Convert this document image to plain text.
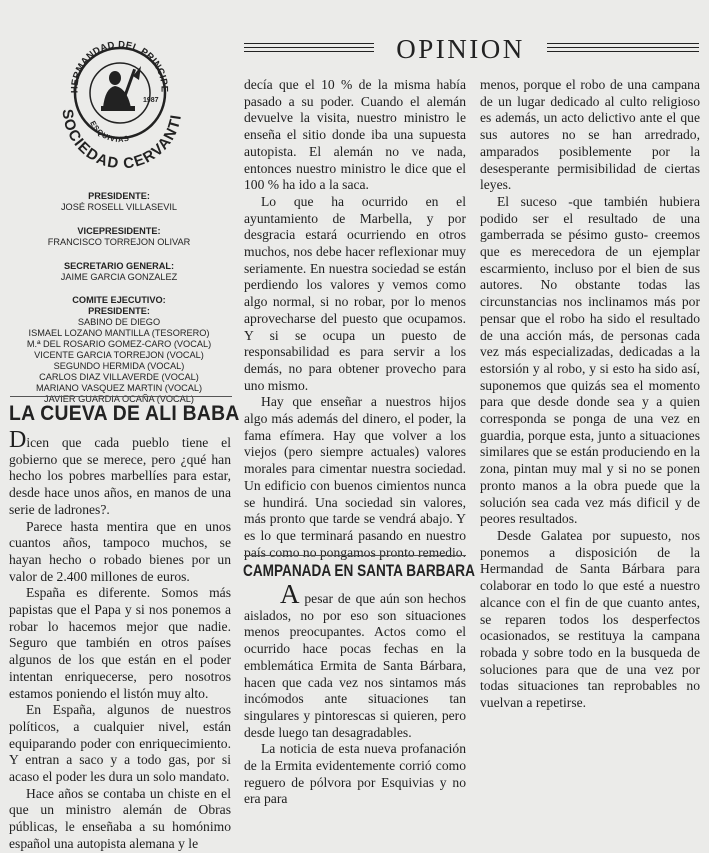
OPINION
HERMANDAD DEL PRINCIPE
ESQUIVIAS
1987
SOCIEDAD CERVANTI
PRESIDENTE:
JOSÉ ROSELL VILLASEVIL
VICEPRESIDENTE:
FRANCISCO TORREJON OLIVAR
SECRETARIO GENERAL:
JAIME GARCIA GONZALEZ
COMITE EJECUTIVO:
PRESIDENTE:
SABINO DE DIEGO
ISMAEL LOZANO MANTILLA (TESORERO)
M.ª DEL ROSARIO GOMEZ-CARO (VOCAL)
VICENTE GARCIA TORREJON (VOCAL)
SEGUNDO HERMIDA (VOCAL)
CARLOS DIAZ VILLAVERDE (VOCAL)
MARIANO VASQUEZ MARTIN (VOCAL)
JAVIER GUARDIA OCAÑA (VOCAL)
LA CUEVA DE ALI BABA

Dicen que cada pueblo tiene el gobierno que se merece, pero ¿qué han hecho los pobres marbellíes para estar, desde hace unos años, en manos de una serie de ladrones?.

Parece hasta mentira que en unos cuantos años, tampoco muchos, se hayan hecho o robado bienes por un valor de 2.400 millones de euros.

España es diferente. Somos más papistas que el Papa y si nos ponemos a robar lo hacemos mejor que nadie. Seguro que también en otros países algunos de los que están en el poder intentan enriquecerse, pero nosotros estamos poniendo el listón muy alto.

En España, algunos de nuestros políticos, a cualquier nivel, están equiparando poder con enriquecimiento. Y entran a saco y a todo gas, por si acaso el poder les dura un solo mandato.

Hace años se contaba un chiste en el que un ministro alemán de Obras públicas, le enseñaba a su homónimo español una autopista alemana y le

decía que el 10 % de la misma había pasado a su poder. Cuando el alemán devuelve la visita, nuestro ministro le enseña el sitio donde iba una supuesta autopista. El alemán no ve nada, entonces nuestro ministro le dice que el 100 % ha ido a la saca.

Lo que ha ocurrido en el ayuntamiento de Marbella, y por desgracia estará ocurriendo en otros muchos, nos debe hacer reflexionar muy seriamente. En nuestra sociedad se están perdiendo los valores y vemos como algo normal, si no robar, por lo menos aprovecharse del puesto que ocupamos. Y si se ocupa un puesto de responsabilidad es para servir a los demás, no para obtener provecho para uno mismo.

Hay que enseñar a nuestros hijos algo más además del dinero, el poder, la fama efímera. Hay que volver a los viejos (pero siempre actuales) valores morales para cimentar nuestra sociedad. Un edificio con buenos cimientos nunca se hundirá. Una sociedad sin valores, más pronto que tarde se vendrá abajo. Y es lo que terminará pasando en nuestro país como no pongamos pronto remedio.

CAMPANADA EN SANTA BARBARA

A pesar de que aún son hechos aislados, no por eso son situaciones menos preocupantes. Actos como el ocurrido hace pocas fechas en la emblemática Ermita de Santa Bárbara, hacen que cada vez nos sintamos más incómodos ante situaciones tan singulares y pintorescas si quieren, pero desde luego tan desagradables.

La noticia de esta nueva profanación de la Ermita evidentemente corrió como reguero de pólvora por Esquivias y no era para

menos, porque el robo de una campana de un lugar dedicado al culto religioso es además, un acto delictivo ante el que sus autores no se han arredrado, amparados posiblemente por la desesperante permisibilidad de ciertas leyes.

El suceso -que también hubiera podido ser el resultado de una gamberrada se pésimo gusto- creemos que es merecedora de un ejemplar escarmiento, incluso por el bien de sus autores. No obstante todas las circunstancias nos inclinamos más por pensar que el robo ha sido el resultado de una acción más, de personas cada vez más especializadas, dedicadas a la estorsión y al robo, y si esto ha sido así, suponemos que quizás sea el momento para que desde donde sea y a quien corresponda se ponga de una vez en guardia, porque esta, junto a situaciones similares que se están produciendo en la zona, pintan muy mal y si no se ponen pronto manos a la obra puede que la solución sea cada vez más dificil y de peores resultados.

Desde Galatea por supuesto, nos ponemos a disposición de la Hermandad de Santa Bárbara para colaborar en todo lo que esté a nuestro alcance con el fin de que cuanto antes, se reparen todos los desperfectos ocasionados, se restituya la campana robada y sobre todo en la busqueda de soluciones para que de una vez por todas situaciones tan reprobables no vuelvan a repetirse.
